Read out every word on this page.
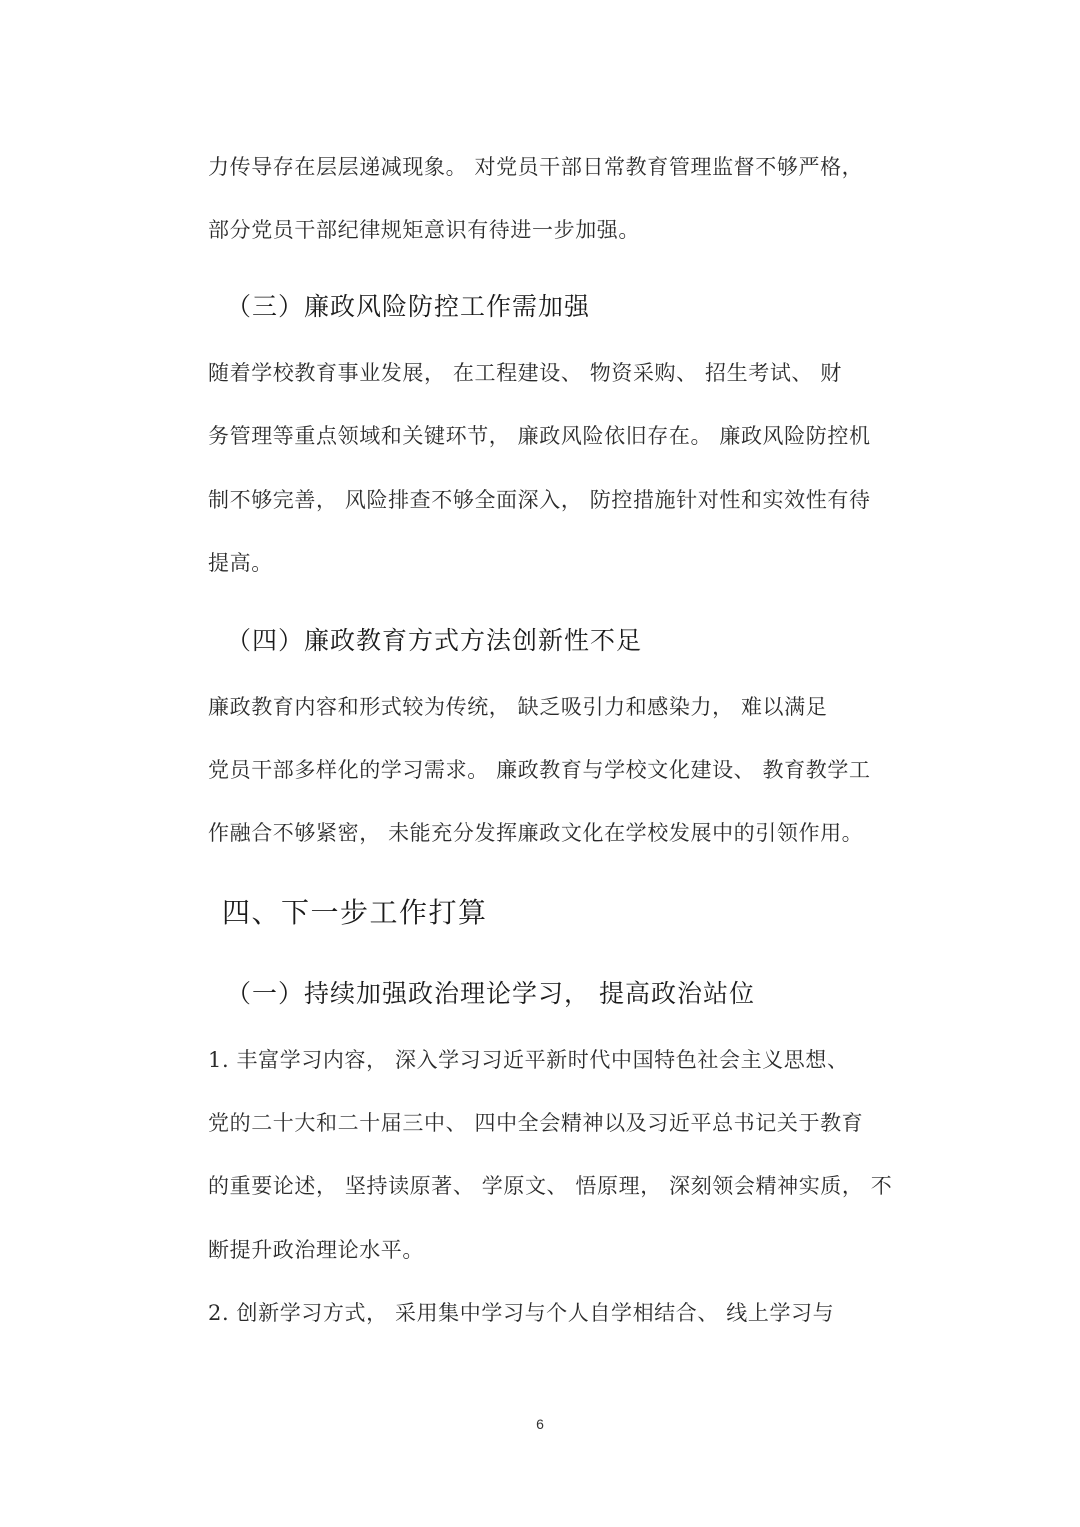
力传导存在层层递减现象。 对党员干部日常教育管理监督不够严格，
部分党员干部纪律规矩意识有待进一步加强。
（三）廉政风险防控工作需加强
随着学校教育事业发展， 在工程建设、 物资采购、 招生考试、 财
务管理等重点领域和关键环节， 廉政风险依旧存在。 廉政风险防控机
制不够完善， 风险排查不够全面深入， 防控措施针对性和实效性有待
提高。
（四）廉政教育方式方法创新性不足
廉政教育内容和形式较为传统， 缺乏吸引力和感染力， 难以满足
党员干部多样化的学习需求。 廉政教育与学校文化建设、 教育教学工
作融合不够紧密， 未能充分发挥廉政文化在学校发展中的引领作用。
四、下一步工作打算
（一）持续加强政治理论学习， 提高政治站位
1. 丰富学习内容， 深入学习习近平新时代中国特色社会主义思想、
党的二十大和二十届三中、 四中全会精神以及习近平总书记关于教育
的重要论述， 坚持读原著、 学原文、 悟原理， 深刻领会精神实质， 不
断提升政治理论水平。
2. 创新学习方式， 采用集中学习与个人自学相结合、 线上学习与
6
